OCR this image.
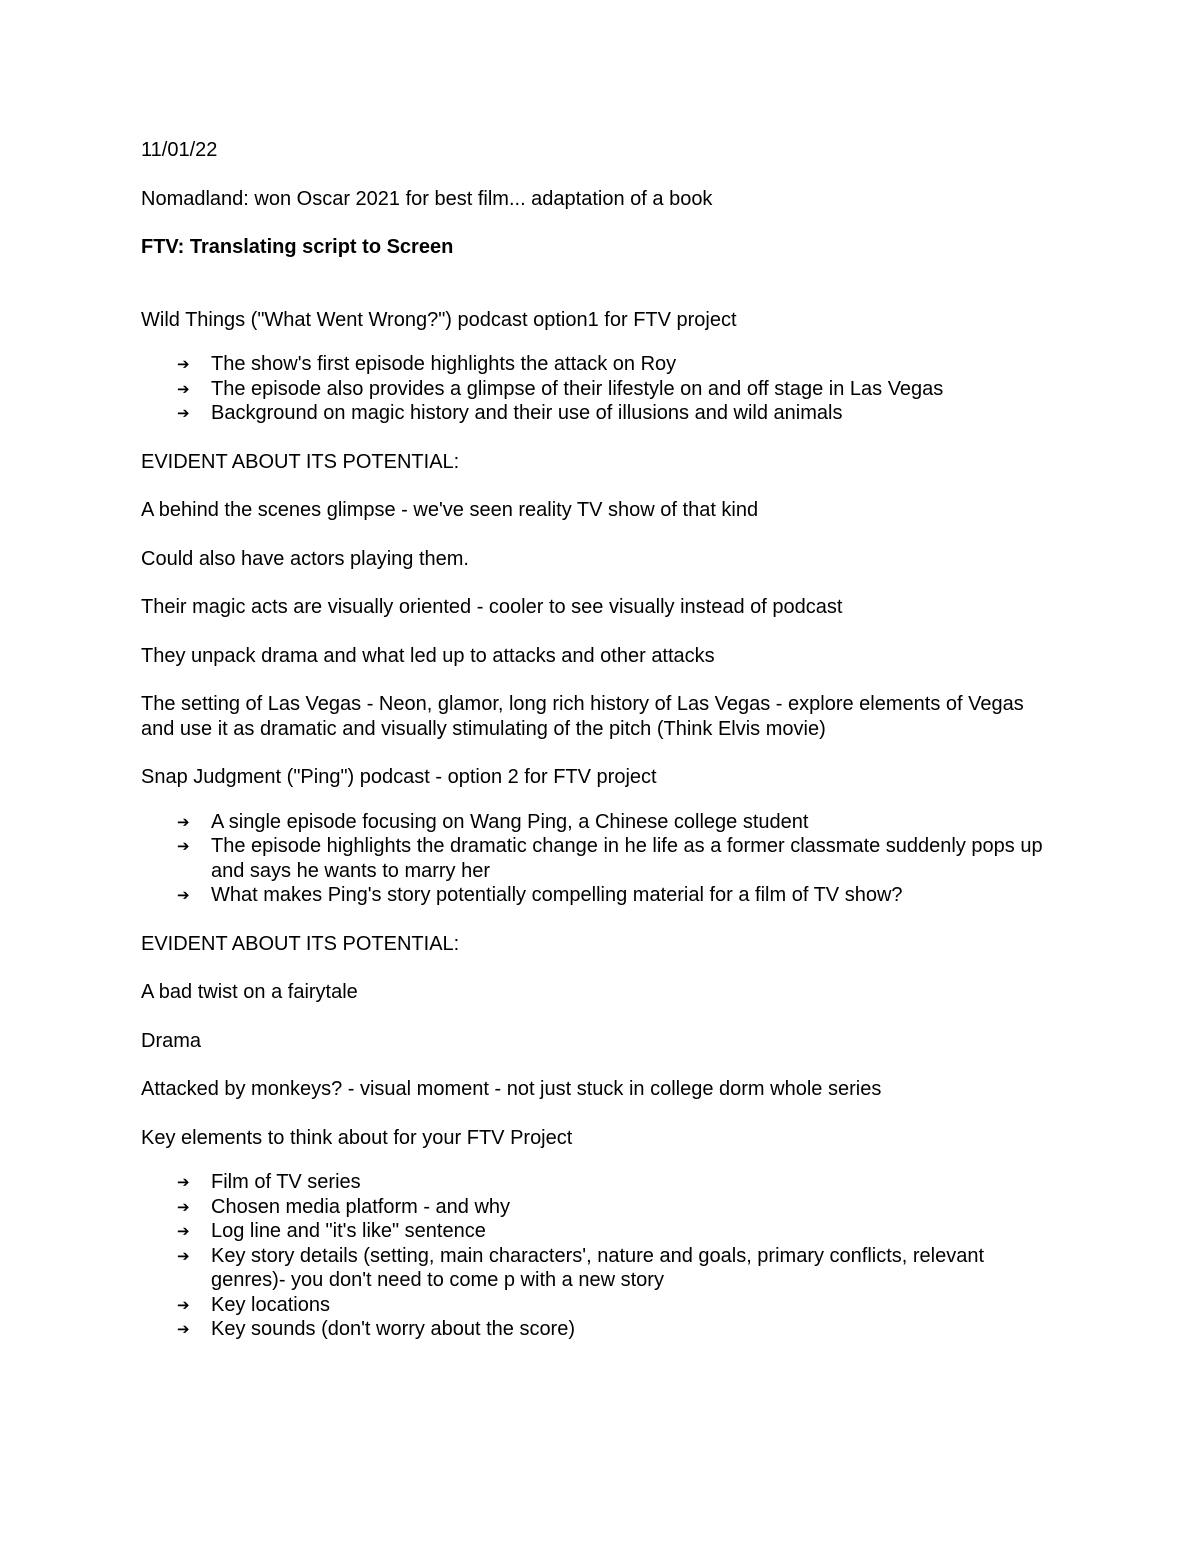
11/01/22

Nomadland: won Oscar 2021 for best film... adaptation of a book

FTV: Translating script to Screen

Wild Things ("What Went Wrong?") podcast option1 for FTV project

➔ The show's first episode highlights the attack on Roy
➔ The episode also provides a glimpse of their lifestyle on and off stage in Las Vegas
➔ Background on magic history and their use of illusions and wild animals

EVIDENT ABOUT ITS POTENTIAL:

A behind the scenes glimpse - we've seen reality TV show of that kind

Could also have actors playing them.

Their magic acts are visually oriented - cooler to see visually instead of podcast

They unpack drama and what led up to attacks and other attacks

The setting of Las Vegas - Neon, glamor, long rich history of Las Vegas - explore elements of Vegas and use it as dramatic and visually stimulating of the pitch (Think Elvis movie)

Snap Judgment ("Ping") podcast - option 2 for FTV project

➔ A single episode focusing on Wang Ping, a Chinese college student
➔ The episode highlights the dramatic change in he life as a former classmate suddenly pops up and says he wants to marry her
➔ What makes Ping's story potentially compelling material for a film of TV show?

EVIDENT ABOUT ITS POTENTIAL:

A bad twist on a fairytale

Drama

Attacked by monkeys? - visual moment - not just stuck in college dorm whole series

Key elements to think about for your FTV Project

➔ Film of TV series
➔ Chosen media platform - and why
➔ Log line and "it's like" sentence
➔ Key story details (setting, main characters', nature and goals, primary conflicts, relevant genres)- you don't need to come p with a new story
➔ Key locations
➔ Key sounds (don't worry about the score)
